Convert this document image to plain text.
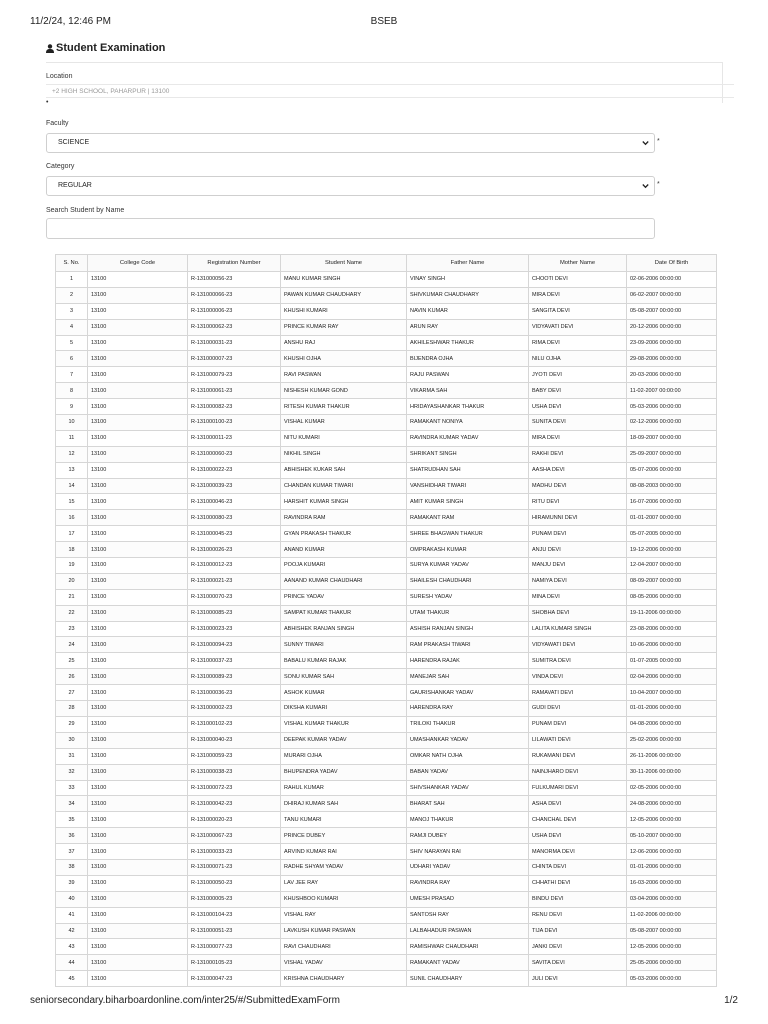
11/2/24, 12:46 PM	BSEB
Student Examination
Location
+2 HIGH SCHOOL, PAHARPUR | 13100
•
Faculty
SCIENCE	*
Category
REGULAR	*
Search Student by Name
S. No.	College Code	Registration Number	Student Name	Father Name	Mother Name	Date Of Birth
1	13100	R-131000056-23	MANU KUMAR SINGH	VINAY SINGH	CHOOTI DEVI	02-06-2006 00:00:00
2	13100	R-131000066-23	PAWAN KUMAR CHAUDHARY	SHIVKUMAR CHAUDHARY	MIRA DEVI	06-02-2007 00:00:00
3	13100	R-131000006-23	KHUSHI KUMARI	NAVIN KUMAR	SANGITA DEVI	05-08-2007 00:00:00
4	13100	R-131000062-23	PRINCE KUMAR RAY	ARUN RAY	VIDYAVATI DEVI	20-12-2006 00:00:00
5	13100	R-131000031-23	ANSHU RAJ	AKHILESHWAR THAKUR	RIMA DEVI	23-09-2006 00:00:00
6	13100	R-131000007-23	KHUSHI OJHA	BIJENDRA OJHA	NILU OJHA	29-08-2006 00:00:00
7	13100	R-131000079-23	RAVI PASWAN	RAJU PASWAN	JYOTI DEVI	20-03-2006 00:00:00
8	13100	R-131000061-23	NISHESH KUMAR GOND	VIKARMA SAH	BABY DEVI	11-02-2007 00:00:00
9	13100	R-131000082-23	RITESH KUMAR THAKUR	HRIDAYASHANKAR THAKUR	USHA DEVI	05-03-2006 00:00:00
10	13100	R-131000100-23	VISHAL KUMAR	RAMAKANT NONIYA	SUNITA DEVI	02-12-2006 00:00:00
11	13100	R-131000011-23	NITU KUMARI	RAVINDRA KUMAR YADAV	MIRA DEVI	18-09-2007 00:00:00
12	13100	R-131000060-23	NIKHIL SINGH	SHRIKANT SINGH	RAKHI DEVI	25-09-2007 00:00:00
13	13100	R-131000022-23	ABHISHEK KUKAR SAH	SHATRUDHAN SAH	AASHA DEVI	05-07-2006 00:00:00
14	13100	R-131000039-23	CHANDAN KUMAR TIWARI	VANSHIDHAR TIWARI	MADHU DEVI	08-08-2003 00:00:00
15	13100	R-131000046-23	HARSHIT KUMAR SINGH	AMIT KUMAR SINGH	RITU DEVI	16-07-2006 00:00:00
16	13100	R-131000080-23	RAVINDRA RAM	RAMAKANT RAM	HIRAMUNNI DEVI	01-01-2007 00:00:00
17	13100	R-131000045-23	GYAN PRAKASH THAKUR	SHREE BHAGWAN THAKUR	PUNAM DEVI	05-07-2005 00:00:00
18	13100	R-131000026-23	ANAND KUMAR	OMPRAKASH KUMAR	ANJU DEVI	19-12-2006 00:00:00
19	13100	R-131000012-23	POOJA KUMARI	SURYA KUMAR YADAV	MANJU DEVI	12-04-2007 00:00:00
20	13100	R-131000021-23	AANAND KUMAR CHAUDHARI	SHAILESH CHAUDHARI	NAMIYA DEVI	08-09-2007 00:00:00
21	13100	R-131000070-23	PRINCE YADAV	SURESH YADAV	MINA DEVI	08-05-2006 00:00:00
22	13100	R-131000085-23	SAMPAT KUMAR THAKUR	UTAM THAKUR	SHOBHA DEVI	19-11-2006 00:00:00
23	13100	R-131000023-23	ABHISHEK RANJAN SINGH	ASHISH RANJAN SINGH	LALITA KUMARI SINGH	23-08-2006 00:00:00
24	13100	R-131000094-23	SUNNY TIWARI	RAM PRAKASH TIWARI	VIDYAWATI DEVI	10-06-2006 00:00:00
25	13100	R-131000037-23	BABALU KUMAR RAJAK	HARENDRA RAJAK	SUMITRA DEVI	01-07-2005 00:00:00
26	13100	R-131000089-23	SONU KUMAR SAH	MANEJAR SAH	VINDA DEVI	02-04-2006 00:00:00
27	13100	R-131000036-23	ASHOK KUMAR	GAURISHANKAR YADAV	RAMAVATI DEVI	10-04-2007 00:00:00
28	13100	R-131000002-23	DIKSHA KUMARI	HARENDRA RAY	GUDI DEVI	01-01-2006 00:00:00
29	13100	R-131000102-23	VISHAL KUMAR THAKUR	TRILOKI THAKUR	PUNAM DEVI	04-08-2006 00:00:00
30	13100	R-131000040-23	DEEPAK KUMAR YADAV	UMASHANKAR YADAV	LILAWATI DEVI	25-02-2006 00:00:00
31	13100	R-131000059-23	MURARI OJHA	OMKAR NATH OJHA	RUKAMANI DEVI	26-11-2006 00:00:00
32	13100	R-131000038-23	BHUPENDRA YADAV	BABAN YADAV	NAINJHARO DEVI	30-11-2006 00:00:00
33	13100	R-131000072-23	RAHUL KUMAR	SHIVSHANKAR YADAV	FULKUMARI DEVI	02-05-2006 00:00:00
34	13100	R-131000042-23	DHIRAJ KUMAR SAH	BHARAT SAH	ASHA DEVI	24-08-2006 00:00:00
35	13100	R-131000020-23	TANU KUMARI	MANOJ THAKUR	CHANCHAL DEVI	12-05-2006 00:00:00
36	13100	R-131000067-23	PRINCE DUBEY	RAMJI DUBEY	USHA DEVI	05-10-2007 00:00:00
37	13100	R-131000033-23	ARVIND KUMAR RAI	SHIV NARAYAN RAI	MANORMA DEVI	12-06-2006 00:00:00
38	13100	R-131000071-23	RADHE SHYAM YADAV	UDHARI YADAV	CHINTA DEVI	01-01-2006 00:00:00
39	13100	R-131000050-23	LAV JEE RAY	RAVINDRA RAY	CHHATHI DEVI	16-03-2006 00:00:00
40	13100	R-131000005-23	KHUSHBOO KUMARI	UMESH PRASAD	BINDU DEVI	03-04-2006 00:00:00
41	13100	R-131000104-23	VISHAL RAY	SANTOSH RAY	RENU DEVI	11-02-2006 00:00:00
42	13100	R-131000051-23	LAVKUSH KUMAR PASWAN	LALBAHADUR PASWAN	TIJA DEVI	05-08-2007 00:00:00
43	13100	R-131000077-23	RAVI CHAUDHARI	RAMISHWAR CHAUDHARI	JANKI DEVI	12-05-2006 00:00:00
44	13100	R-131000105-23	VISHAL YADAV	RAMAKANT YADAV	SAVITA DEVI	25-05-2006 00:00:00
45	13100	R-131000047-23	KRISHNA CHAUDHARY	SUNIL CHAUDHARY	JULI DEVI	05-03-2006 00:00:00
seniorsecondary.biharboardonline.com/inter25/#/SubmittedExamForm	1/2
